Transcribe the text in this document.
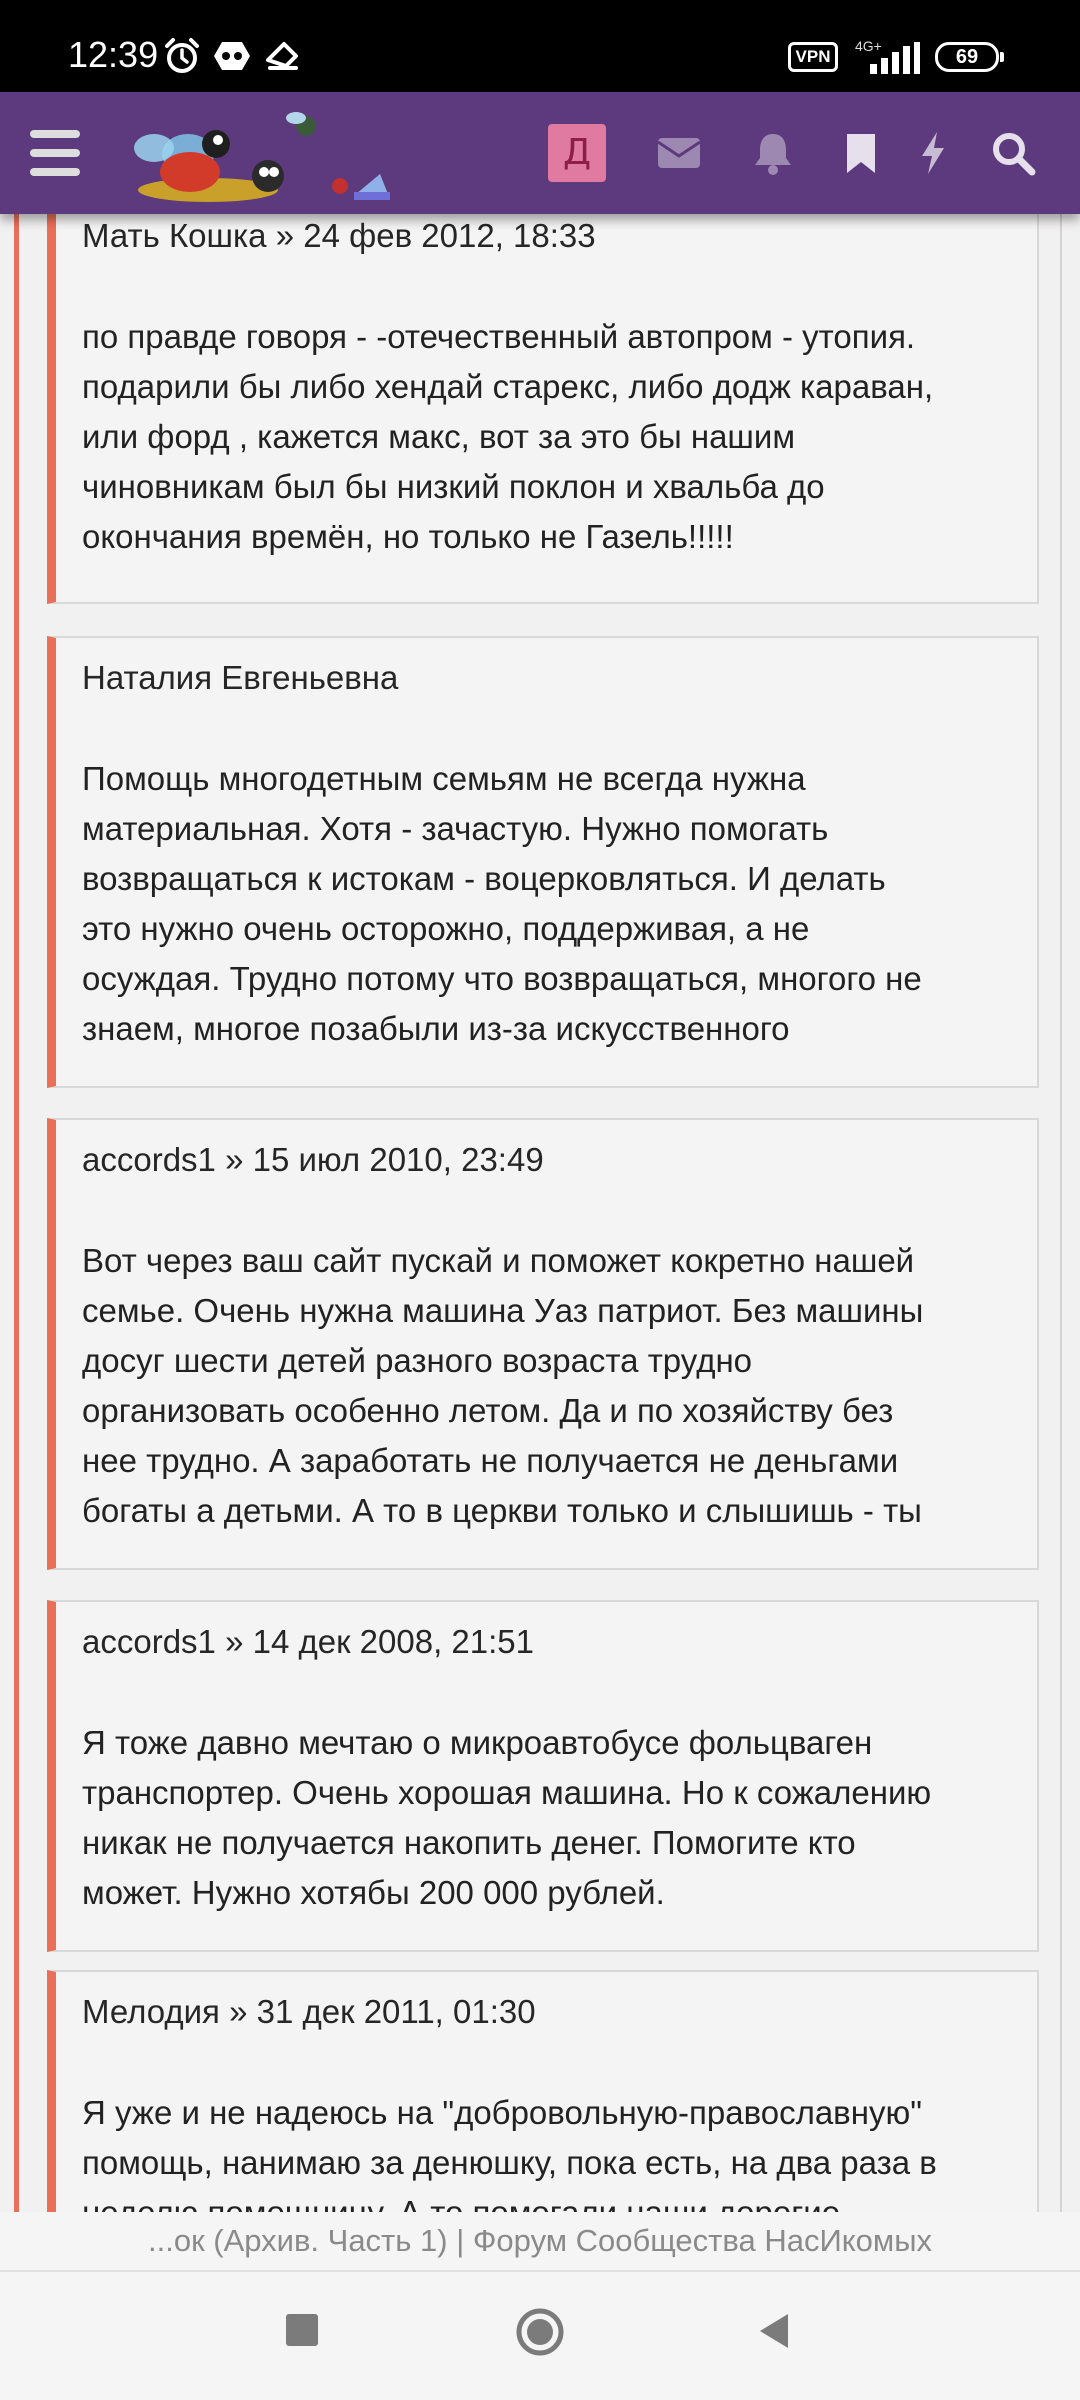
12:39	VPN
4G+	69
Д
Мать Кошка » 24 фев 2012, 18:33
по правде говоря - -отечественный автопром - утопия.
подарили бы либо хендай старекс, либо додж караван,
или форд , кажется макс, вот за это бы нашим
чиновникам был бы низкий поклон и хвальба до
окончания времён, но только не Газель!!!!!
Наталия Евгеньевна
Помощь многодетным семьям не всегда нужна
материальная. Хотя - зачастую. Нужно помогать
возвращаться к истокам - воцерковляться. И делать
это нужно очень осторожно, поддерживая, а не
осуждая. Трудно потому что возвращаться, многого не
знаем, многое позабыли из-за искусственного
accords1 » 15 июл 2010, 23:49
Вот через ваш сайт пускай и поможет кокретно нашей
семье. Очень нужна машина Уаз патриот. Без машины
досуг шести детей разного возраста трудно
организовать особенно летом. Да и по хозяйству без
нее трудно. А заработать не получается не деньгами
богаты а детьми. А то в церкви только и слышишь - ты
accords1 » 14 дек 2008, 21:51
Я тоже давно мечтаю о микроавтобусе фольцваген
транспортер. Очень хорошая машина. Но к сожалению
никак не получается накопить денег. Помогите кто
может. Нужно хотябы 200 000 рублей.
Мелодия » 31 дек 2011, 01:30
Я уже и не надеюсь на "добровольную-православную"
помощь, нанимаю за денюшку, пока есть, на два раза в
...ок (Архив. Часть 1) | Форум Сообщества НасИкомых
